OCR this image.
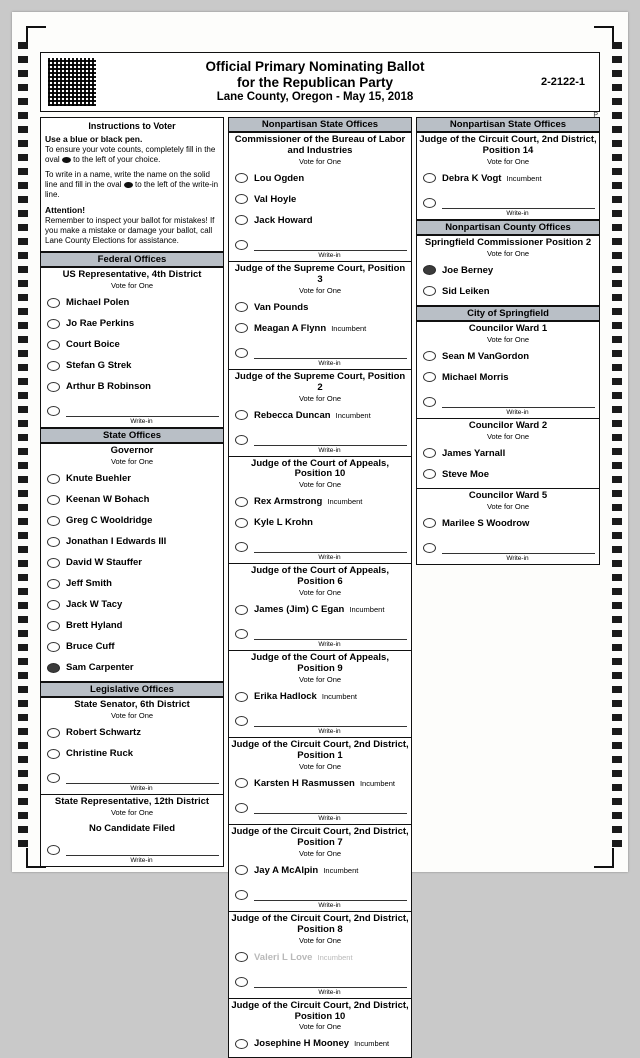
Official Primary Nominating Ballot
for the Republican Party
Lane County, Oregon - May 15, 2018
2-2122-1
P
Instructions to Voter
Use a blue or black pen.
To ensure your vote counts, completely fill in the oval to the left of your choice.
To write in a name, write the name on the solid line and fill in the oval to the left of the write-in line.
Attention!
Remember to inspect your ballot for mistakes! If you make a mistake or damage your ballot, call Lane County Elections for assistance.
Federal Offices
US Representative, 4th District
Vote for One
Michael Polen
Jo Rae Perkins
Court Boice
Stefan G Strek
Arthur B Robinson
Write-in
State Offices
Governor
Vote for One
Knute Buehler
Keenan W Bohach
Greg C Wooldridge
Jonathan I Edwards III
David W Stauffer
Jeff Smith
Jack W Tacy
Brett Hyland
Bruce Cuff
Sam Carpenter
Legislative Offices
State Senator, 6th District
Vote for One
Robert Schwartz
Christine Ruck
Write-in
State Representative, 12th District
Vote for One
No Candidate Filed
Write-in
Nonpartisan State Offices
Commissioner of the Bureau of Labor and Industries
Vote for One
Lou Ogden
Val Hoyle
Jack Howard
Write-in
Judge of the Supreme Court, Position 3
Vote for One
Van Pounds
Meagan A Flynn Incumbent
Write-in
Judge of the Supreme Court, Position 2
Vote for One
Rebecca Duncan Incumbent
Write-in
Judge of the Court of Appeals, Position 10
Vote for One
Rex Armstrong Incumbent
Kyle L Krohn
Write-in
Judge of the Court of Appeals, Position 6
Vote for One
James (Jim) C Egan Incumbent
Write-in
Judge of the Court of Appeals, Position 9
Vote for One
Erika Hadlock Incumbent
Write-in
Judge of the Circuit Court, 2nd District, Position 1
Vote for One
Karsten H Rasmussen Incumbent
Write-in
Judge of the Circuit Court, 2nd District, Position 7
Vote for One
Jay A McAlpin Incumbent
Write-in
Judge of the Circuit Court, 2nd District, Position 8
Vote for One
Valeri L Love Incumbent
Write-in
Judge of the Circuit Court, 2nd District, Position 10
Vote for One
Josephine H Mooney Incumbent
Nonpartisan State Offices
Judge of the Circuit Court, 2nd District, Position 14
Vote for One
Debra K Vogt Incumbent
Write-in
Nonpartisan County Offices
Springfield Commissioner Position 2
Vote for One
Joe Berney
Sid Leiken
City of Springfield
Councilor Ward 1
Vote for One
Sean M VanGordon
Michael Morris
Write-in
Councilor Ward 2
Vote for One
James Yarnall
Steve Moe
Councilor Ward 5
Vote for One
Marilee S Woodrow
Write-in
